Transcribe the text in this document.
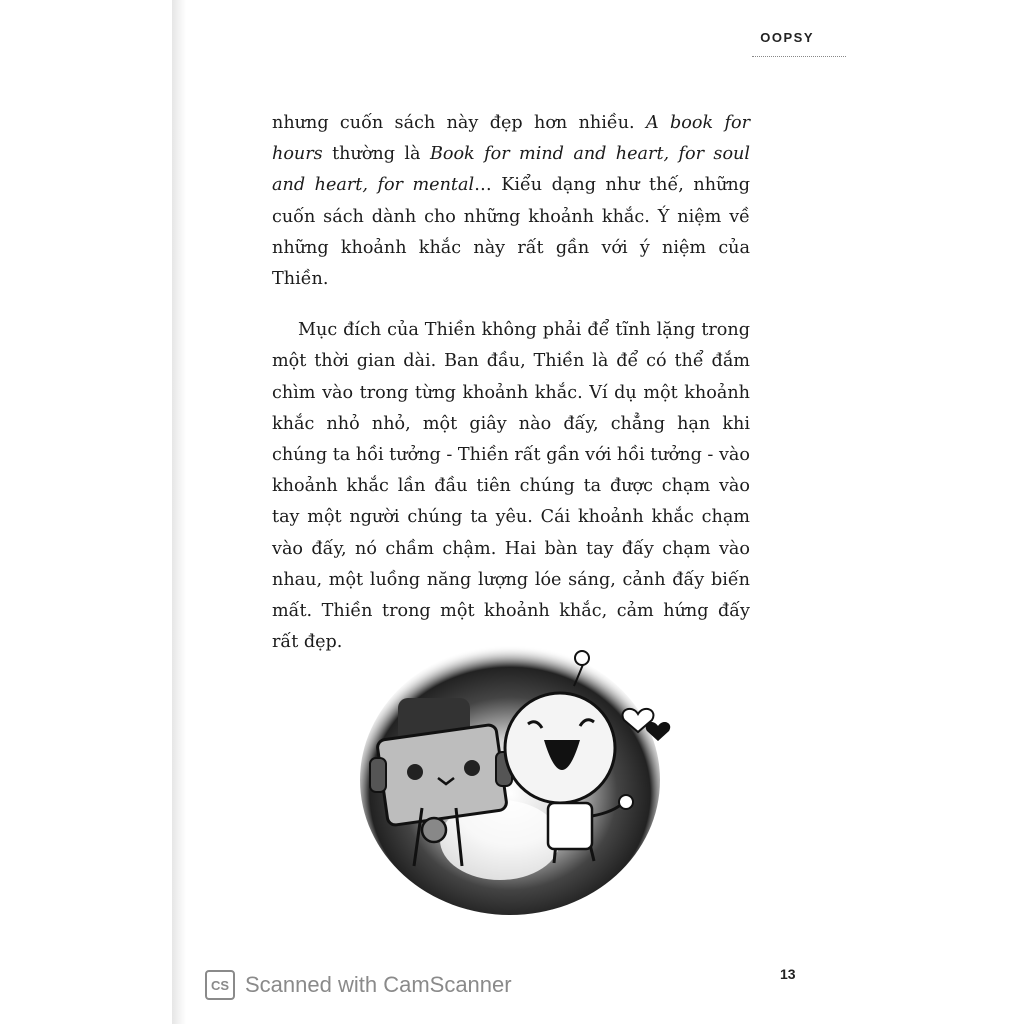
OOPSY

nhưng cuốn sách này đẹp hơn nhiều. A book for hours thường là Book for mind and heart, for soul and heart, for mental… Kiểu dạng như thế, những cuốn sách dành cho những khoảnh khắc. Ý niệm về những khoảnh khắc này rất gần với ý niệm của Thiền.

Mục đích của Thiền không phải để tĩnh lặng trong một thời gian dài. Ban đầu, Thiền là để có thể đắm chìm vào trong từng khoảnh khắc. Ví dụ một khoảnh khắc nhỏ nhỏ, một giây nào đấy, chẳng hạn khi chúng ta hồi tưởng - Thiền rất gần với hồi tưởng - vào khoảnh khắc lần đầu tiên chúng ta được chạm vào tay một người chúng ta yêu. Cái khoảnh khắc chạm vào đấy, nó chầm chậm. Hai bàn tay đấy chạm vào nhau, một luồng năng lượng lóe sáng, cảnh đấy biến mất. Thiền trong một khoảnh khắc, cảm hứng đấy rất đẹp.

CS Scanned with CamScanner	13
